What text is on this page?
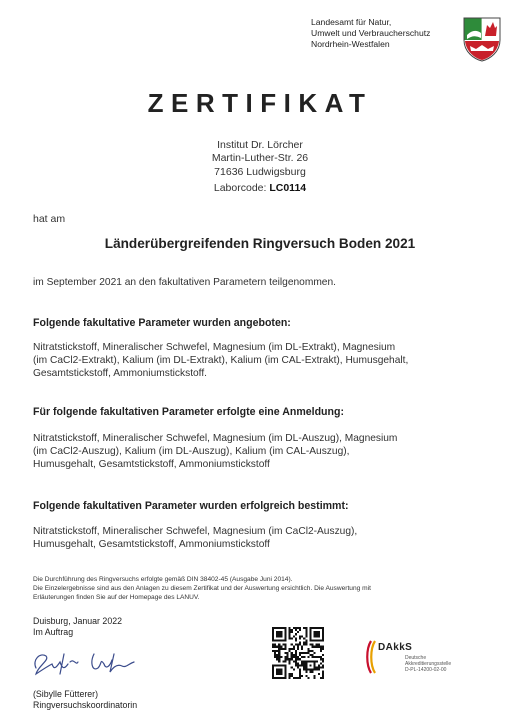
Landesamt für Natur,
Umwelt und Verbraucherschutz
Nordrhein-Westfalen
ZERTIFIKAT
Institut Dr. Lörcher
Martin-Luther-Str. 26
71636 Ludwigsburg
Laborcode: LC0114
hat am
Länderübergreifenden Ringversuch Boden 2021
im September 2021 an den fakultativen Parametern teilgenommen.
Folgende fakultative Parameter wurden angeboten:
Nitratstickstoff, Mineralischer Schwefel, Magnesium (im DL-Extrakt), Magnesium
(im CaCl2-Extrakt), Kalium (im DL-Extrakt), Kalium (im CAL-Extrakt), Humusgehalt,
Gesamtstickstoff, Ammoniumstickstoff.
Für folgende fakultativen Parameter erfolgte eine Anmeldung:
Nitratstickstoff, Mineralischer Schwefel, Magnesium (im DL-Auszug), Magnesium
(im CaCl2-Auszug), Kalium (im DL-Auszug), Kalium (im CAL-Auszug),
Humusgehalt, Gesamtstickstoff, Ammoniumstickstoff
Folgende fakultativen Parameter wurden erfolgreich bestimmt:
Nitratstickstoff, Mineralischer Schwefel, Magnesium (im CaCl2-Auszug),
Humusgehalt, Gesamtstickstoff, Ammoniumstickstoff
Die Durchführung des Ringversuchs erfolgte gemäß DIN 38402-45 (Ausgabe Juni 2014).
Die Einzelergebnisse sind aus den Anlagen zu diesem Zertifikat und der Auswertung ersichtlich. Die Auswertung mit
Erläuterungen finden Sie auf der Homepage des LANUV.
Duisburg, Januar 2022
Im Auftrag
(Sibylle Fütterer)
Ringversuchskoordinatorin
DAkkS
Deutsche
Akkreditierungsstelle
D-PL-14200-02-00
